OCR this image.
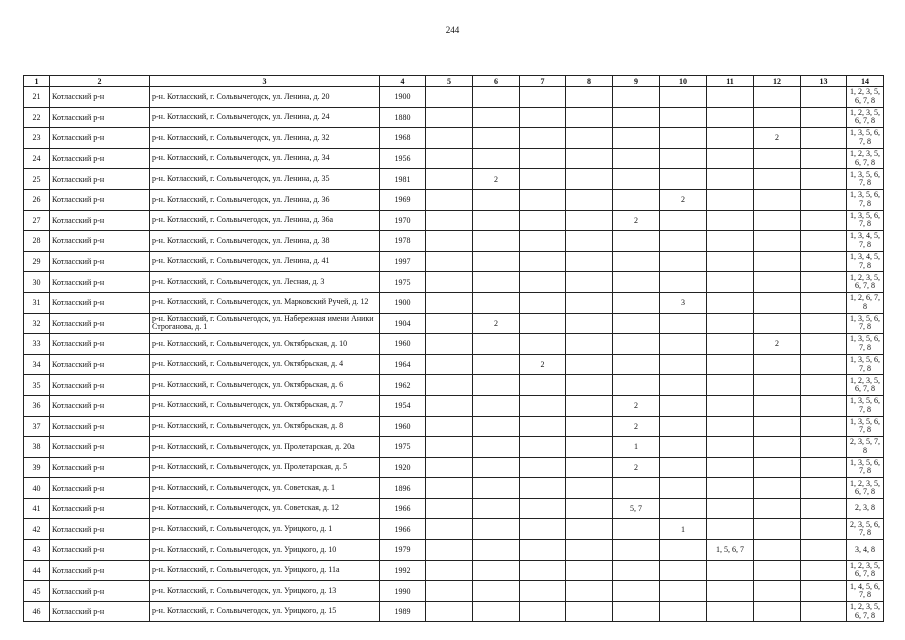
244
1	2	3	4	5	6	7	8	9	10	11	12	13	14
21	Котласский р-н	р-н. Котласский, г. Сольвычегодск, ул. Ленина, д. 20	1900										1, 2, 3, 5, 6, 7, 8
22	Котласский р-н	р-н. Котласский, г. Сольвычегодск, ул. Ленина, д. 24	1880										1, 2, 3, 5, 6, 7, 8
23	Котласский р-н	р-н. Котласский, г. Сольвычегодск, ул. Ленина, д. 32	1968								2		1, 3, 5, 6, 7, 8
24	Котласский р-н	р-н. Котласский, г. Сольвычегодск, ул. Ленина, д. 34	1956										1, 2, 3, 5, 6, 7, 8
25	Котласский р-н	р-н. Котласский, г. Сольвычегодск, ул. Ленина, д. 35	1981		2								1, 3, 5, 6, 7, 8
26	Котласский р-н	р-н. Котласский, г. Сольвычегодск, ул. Ленина, д. 36	1969						2				1, 3, 5, 6, 7, 8
27	Котласский р-н	р-н. Котласский, г. Сольвычегодск, ул. Ленина, д. 36а	1970					2					1, 3, 5, 6, 7, 8
28	Котласский р-н	р-н. Котласский, г. Сольвычегодск, ул. Ленина, д. 38	1978										1, 3, 4, 5, 7, 8
29	Котласский р-н	р-н. Котласский, г. Сольвычегодск, ул. Ленина, д. 41	1997										1, 3, 4, 5, 7, 8
30	Котласский р-н	р-н. Котласский, г. Сольвычегодск, ул. Лесная, д. 3	1975										1, 2, 3, 5, 6, 7, 8
31	Котласский р-н	р-н. Котласский, г. Сольвычегодск, ул. Марковский Ручей, д. 12	1900						3				1, 2, 6, 7, 8
32	Котласский р-н	р-н. Котласский, г. Сольвычегодск, ул. Набережная имени Аники Строганова, д. 1	1904		2								1, 3, 5, 6, 7, 8
33	Котласский р-н	р-н. Котласский, г. Сольвычегодск, ул. Октябрьская, д. 10	1960								2		1, 3, 5, 6, 7, 8
34	Котласский р-н	р-н. Котласский, г. Сольвычегодск, ул. Октябрьская, д. 4	1964			2							1, 3, 5, 6, 7, 8
35	Котласский р-н	р-н. Котласский, г. Сольвычегодск, ул. Октябрьская, д. 6	1962										1, 2, 3, 5, 6, 7, 8
36	Котласский р-н	р-н. Котласский, г. Сольвычегодск, ул. Октябрьская, д. 7	1954					2					1, 3, 5, 6, 7, 8
37	Котласский р-н	р-н. Котласский, г. Сольвычегодск, ул. Октябрьская, д. 8	1960					2					1, 3, 5, 6, 7, 8
38	Котласский р-н	р-н. Котласский, г. Сольвычегодск, ул. Пролетарская, д. 20а	1975					1					2, 3, 5, 7, 8
39	Котласский р-н	р-н. Котласский, г. Сольвычегодск, ул. Пролетарская, д. 5	1920					2					1, 3, 5, 6, 7, 8
40	Котласский р-н	р-н. Котласский, г. Сольвычегодск, ул. Советская, д. 1	1896										1, 2, 3, 5, 6, 7, 8
41	Котласский р-н	р-н. Котласский, г. Сольвычегодск, ул. Советская, д. 12	1966					5, 7					2, 3, 8
42	Котласский р-н	р-н. Котласский, г. Сольвычегодск, ул. Урицкого, д. 1	1966						1				2, 3, 5, 6, 7, 8
43	Котласский р-н	р-н. Котласский, г. Сольвычегодск, ул. Урицкого, д. 10	1979							1, 5, 6, 7			3, 4, 8
44	Котласский р-н	р-н. Котласский, г. Сольвычегодск, ул. Урицкого, д. 11а	1992										1, 2, 3, 5, 6, 7, 8
45	Котласский р-н	р-н. Котласский, г. Сольвычегодск, ул. Урицкого, д. 13	1990										1, 4, 5, 6, 7, 8
46	Котласский р-н	р-н. Котласский, г. Сольвычегодск, ул. Урицкого, д. 15	1989										1, 2, 3, 5, 6, 7, 8
